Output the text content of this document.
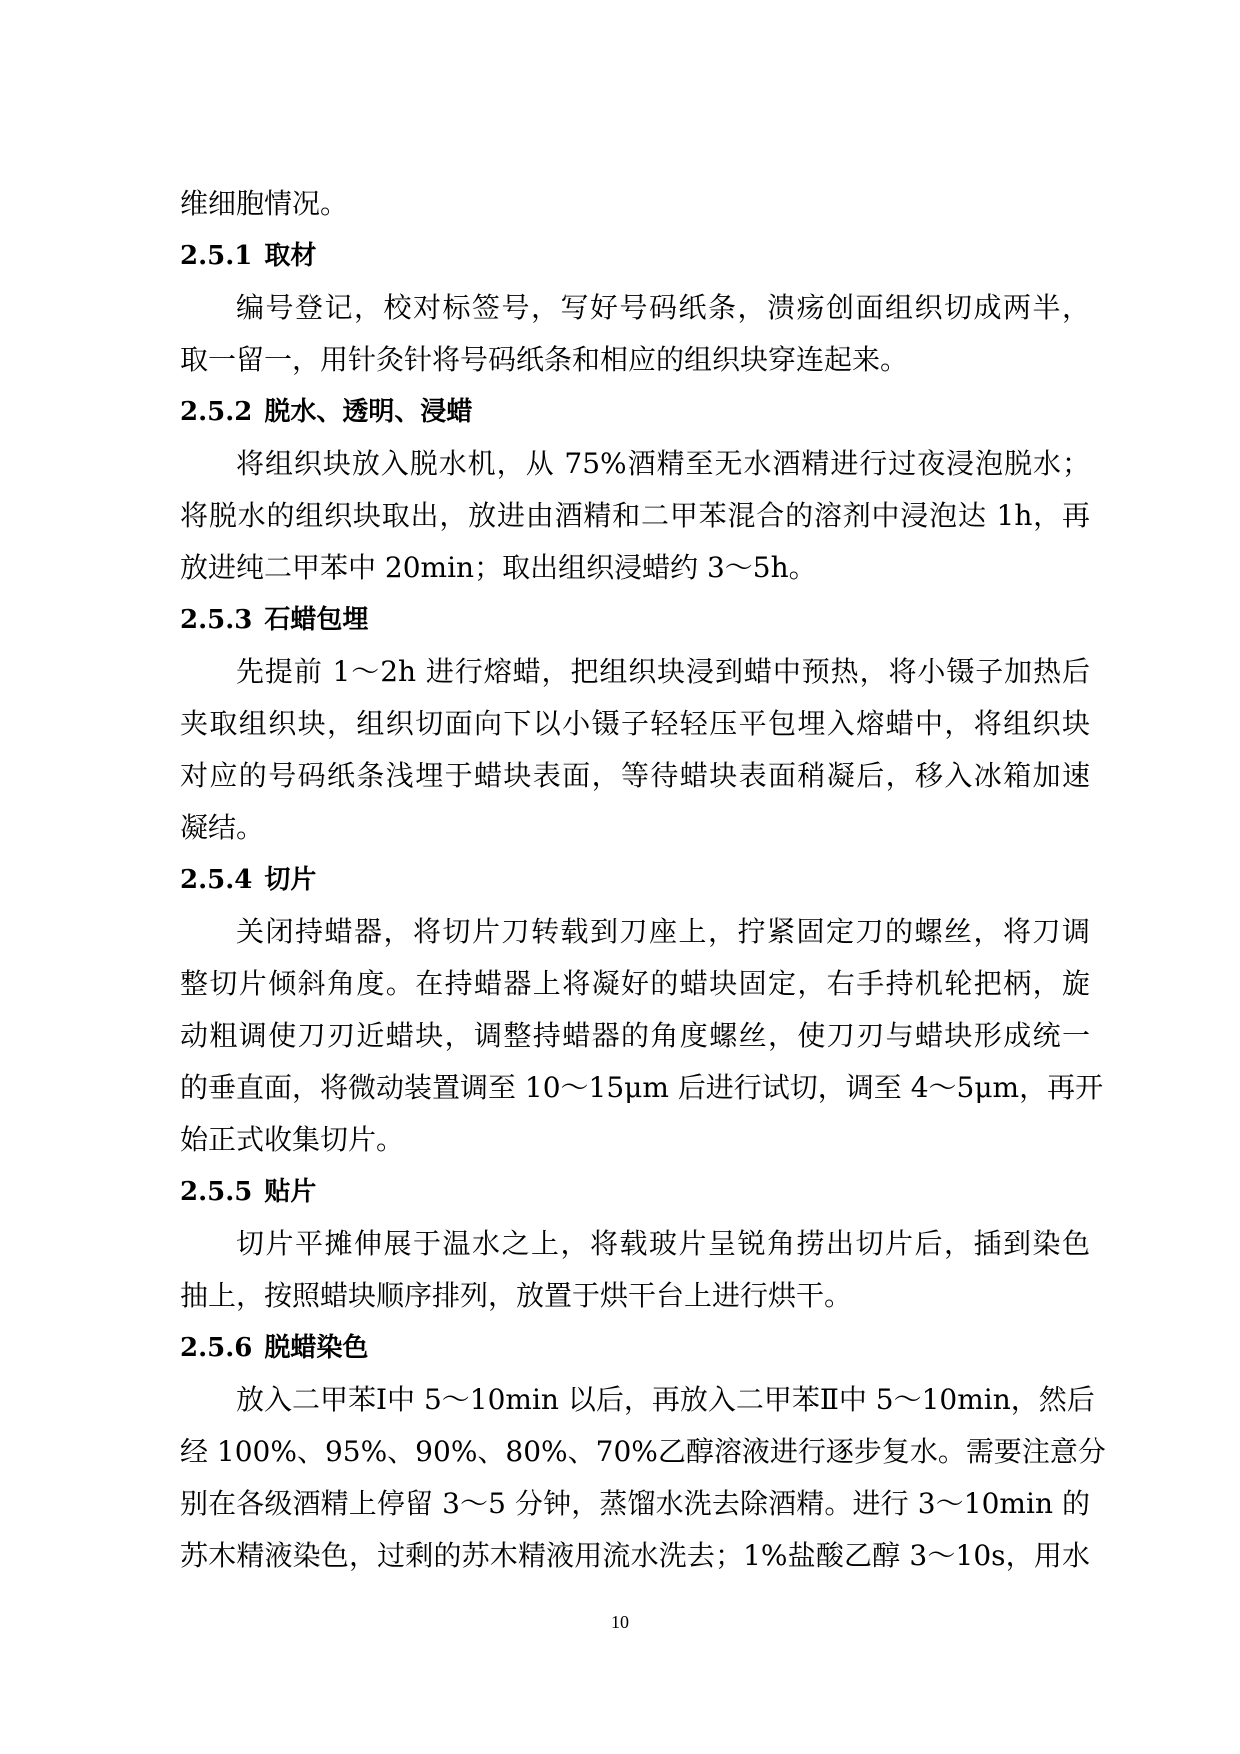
维细胞情况。
2.5.1 取材
编号登记，校对标签号，写好号码纸条，溃疡创面组织切成两半，
取一留一，用针灸针将号码纸条和相应的组织块穿连起来。
2.5.2 脱水、透明、浸蜡
将组织块放入脱水机，从 75%酒精至无水酒精进行过夜浸泡脱水；
将脱水的组织块取出，放进由酒精和二甲苯混合的溶剂中浸泡达 1h，再
放进纯二甲苯中 20min；取出组织浸蜡约 3～5h。
2.5.3 石蜡包埋
先提前 1～2h 进行熔蜡，把组织块浸到蜡中预热，将小镊子加热后
夹取组织块，组织切面向下以小镊子轻轻压平包埋入熔蜡中，将组织块
对应的号码纸条浅埋于蜡块表面，等待蜡块表面稍凝后，移入冰箱加速
凝结。
2.5.4 切片
关闭持蜡器，将切片刀转载到刀座上，拧紧固定刀的螺丝，将刀调
整切片倾斜角度。在持蜡器上将凝好的蜡块固定，右手持机轮把柄，旋
动粗调使刀刃近蜡块，调整持蜡器的角度螺丝，使刀刃与蜡块形成统一
的垂直面，将微动装置调至 10～15μm 后进行试切，调至 4～5μm，再开
始正式收集切片。
2.5.5 贴片
切片平摊伸展于温水之上，将载玻片呈锐角捞出切片后，插到染色
抽上，按照蜡块顺序排列，放置于烘干台上进行烘干。
2.5.6 脱蜡染色
放入二甲苯Ⅰ中 5～10min 以后，再放入二甲苯Ⅱ中 5～10min，然后
经 100%、95%、90%、80%、70%乙醇溶液进行逐步复水。需要注意分
别在各级酒精上停留 3～5 分钟，蒸馏水洗去除酒精。进行 3～10min 的
苏木精液染色，过剩的苏木精液用流水洗去；1%盐酸乙醇 3～10s，用水
10
